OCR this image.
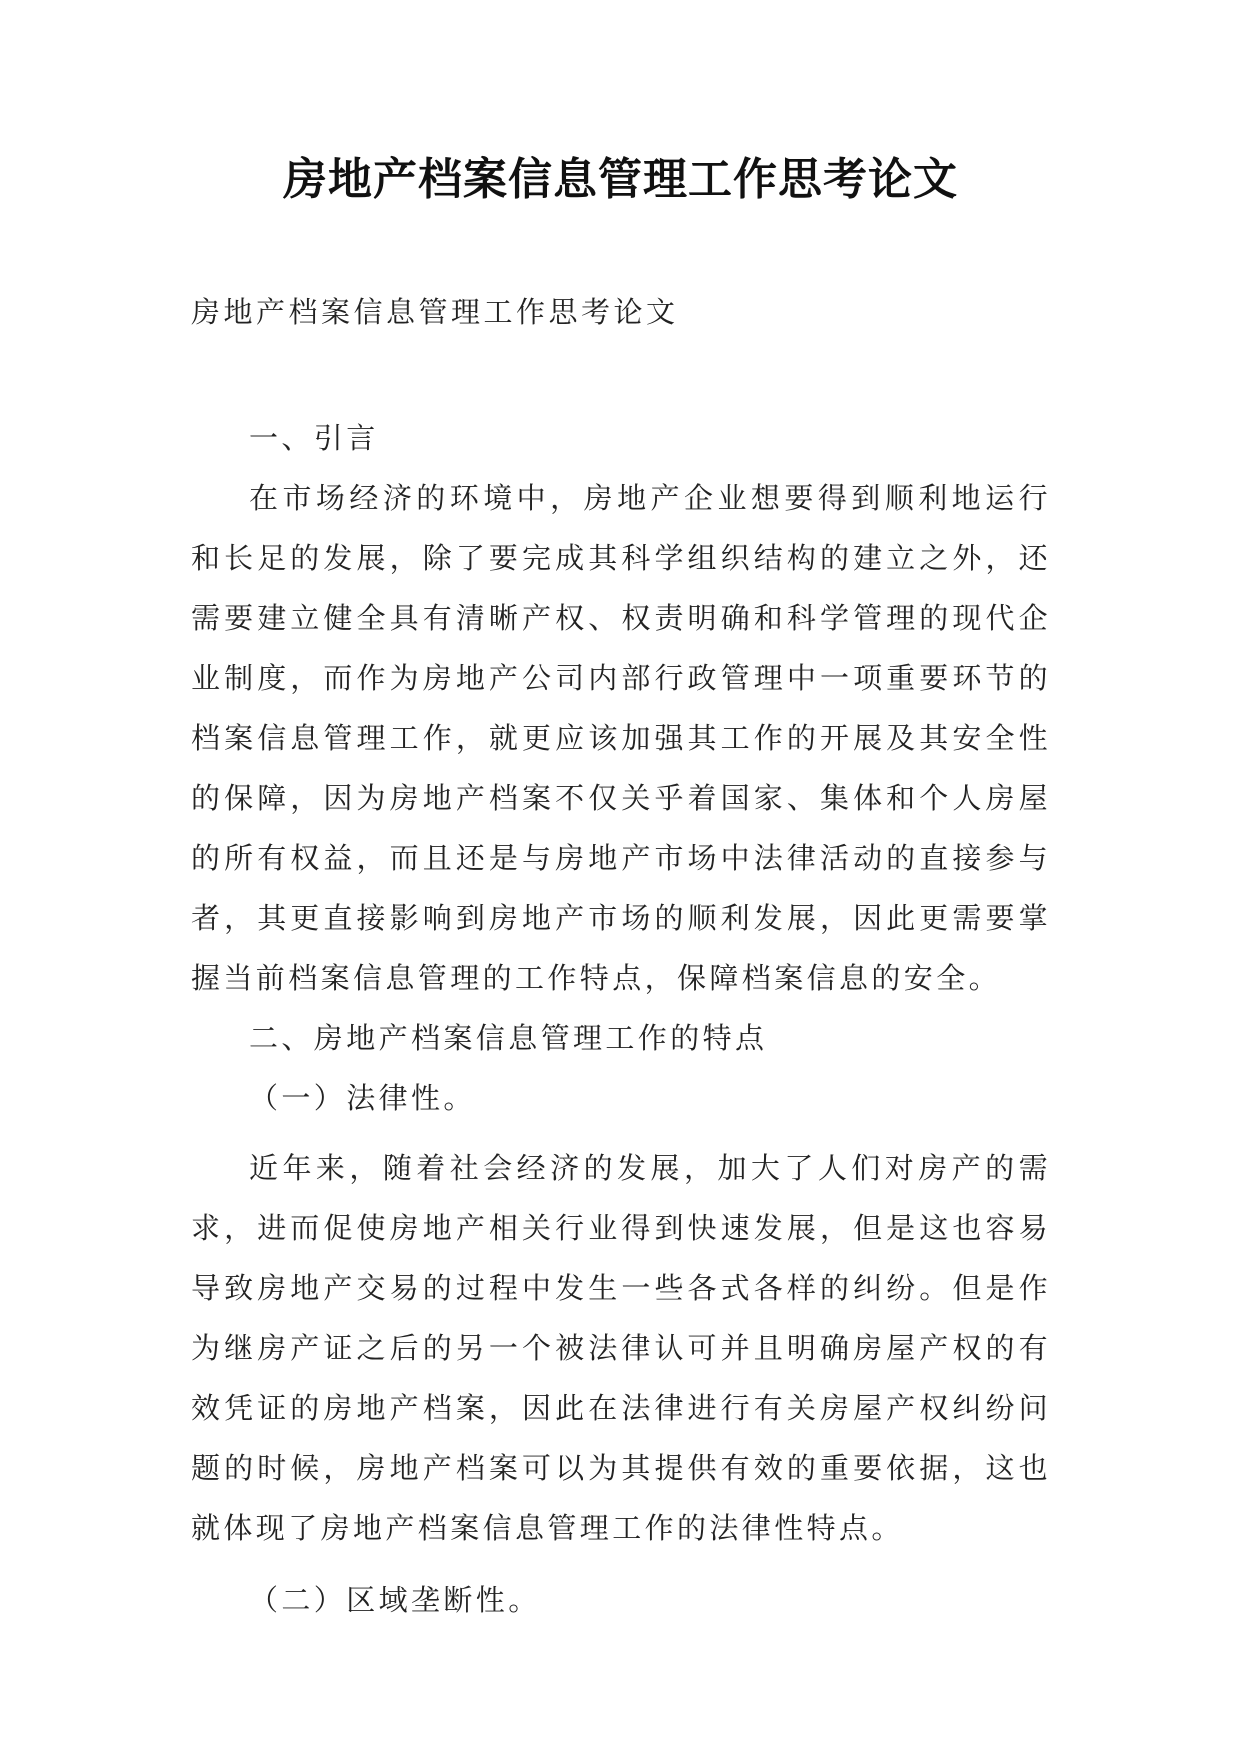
房地产档案信息管理工作思考论文
房地产档案信息管理工作思考论文

一、引言

在市场经济的环境中，房地产企业想要得到顺利地运行和长足的发展，除了要完成其科学组织结构的建立之外，还需要建立健全具有清晰产权、权责明确和科学管理的现代企业制度，而作为房地产公司内部行政管理中一项重要环节的档案信息管理工作，就更应该加强其工作的开展及其安全性的保障，因为房地产档案不仅关乎着国家、集体和个人房屋的所有权益，而且还是与房地产市场中法律活动的直接参与者，其更直接影响到房地产市场的顺利发展，因此更需要掌握当前档案信息管理的工作特点，保障档案信息的安全。

二、房地产档案信息管理工作的特点

（一）法律性。

近年来，随着社会经济的发展，加大了人们对房产的需求，进而促使房地产相关行业得到快速发展，但是这也容易导致房地产交易的过程中发生一些各式各样的纠纷。但是作为继房产证之后的另一个被法律认可并且明确房屋产权的有效凭证的房地产档案，因此在法律进行有关房屋产权纠纷问题的时候，房地产档案可以为其提供有效的重要依据，这也就体现了房地产档案信息管理工作的法律性特点。

（二）区域垄断性。
